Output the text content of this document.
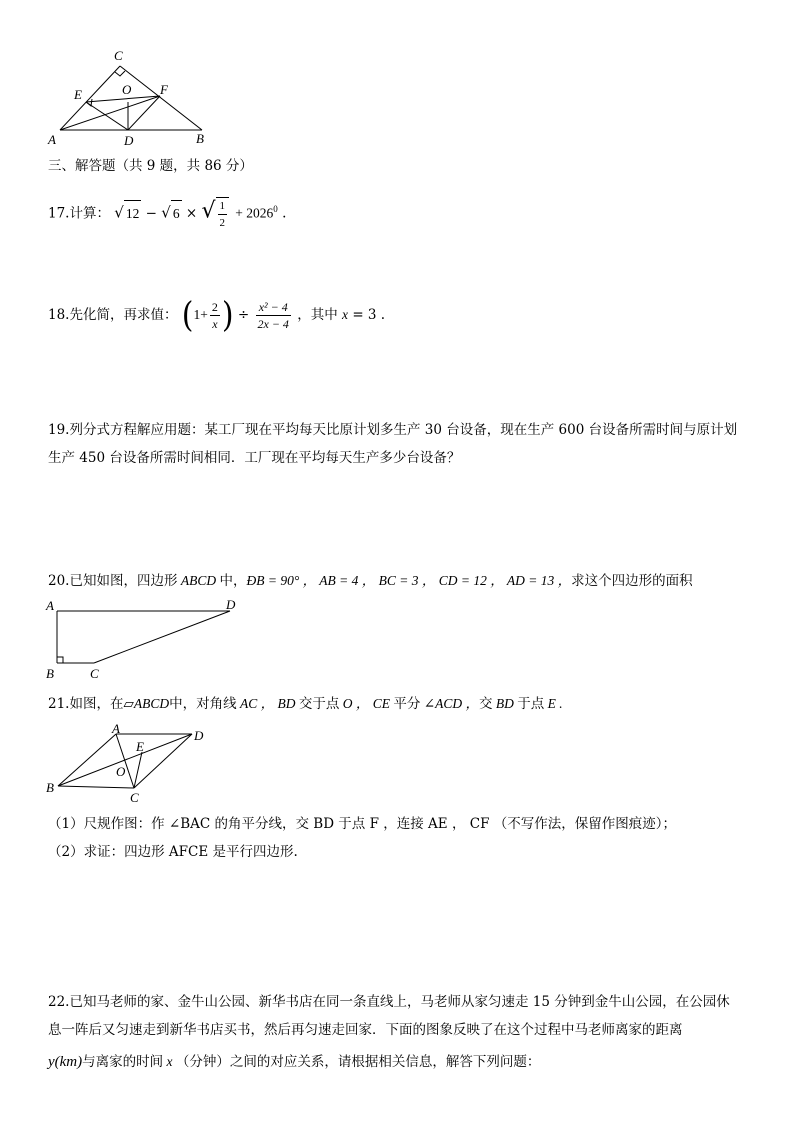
C
E	O F
A	D	B
三、解答题（共 9 题，共 86 分）
17.计算： √ 12 − √ 6 × √ $\frac{1}{2} + 2026^0$ .
18.先化简，再求值： ($1+ \frac{2}{x}$ ) ÷ $\frac{\text{x² − 4}}{2x - 4}$ ，其中 x = 3 .
19.列分式方程解应用题：某工厂现在平均每天比原计划多生产 30 台设备，现在生产 600 台设备所需时间与原计划
生产 450 台设备所需时间相同．工厂现在平均每天生产多少台设备？
20.已知如图，四边形 ABCD 中，ÐB = 90° ， AB = 4 ， BC = 3 ， CD = 12 ， AD = 13 ，求这个四边形的面积
A	D
B	C
21.如图，在▱ABCD中，对角线 AC ， BD 交于点 O ， CE 平分 ∠ACD ，交 BD 于点 E .
A	D
E
O
B
C
（1）尺规作图：作 ∠BAC 的角平分线，交 BD 于点 F ，连接 AE ， CF （不写作法，保留作图痕迹）；
（2）求证：四边形 AFCE 是平行四边形.
22.已知马老师的家、金牛山公园、新华书店在同一条直线上，马老师从家匀速走 15 分钟到金牛山公园，在公园休
息一阵后又匀速走到新华书店买书，然后再匀速走回家．下面的图象反映了在这个过程中马老师离家的距离
y(km)与离家的时间 x （分钟）之间的对应关系，请根据相关信息，解答下列问题：
